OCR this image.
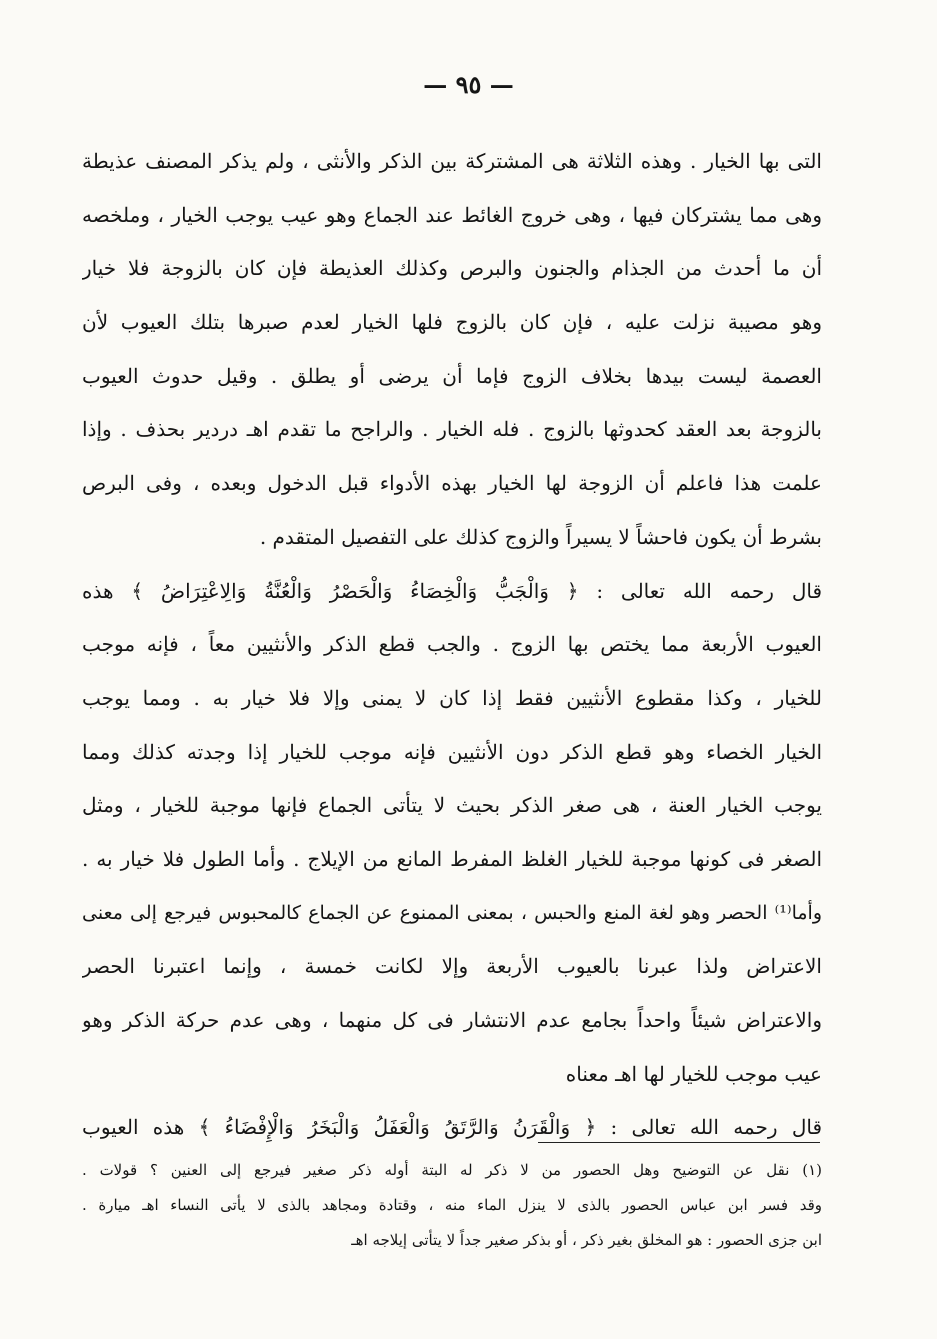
— ٩٥ —
التى بها الخيار . وهذه الثلاثة هى المشتركة بين الذكر والأنثى ، ولم يذكر المصنف عذيطة
وهى مما يشتركان فيها ، وهى خروج الغائط عند الجماع وهو عيب يوجب الخيار ، وملخصه
أن ما أحدث من الجذام والجنون والبرص وكذلك العذيطة فإن كان بالزوجة فلا خيار
وهو مصيبة نزلت عليه ، فإن كان بالزوج فلها الخيار لعدم صبرها بتلك العيوب لأن
العصمة ليست بيدها بخلاف الزوج فإما أن يرضى أو يطلق . وقيل حدوث العيوب
بالزوجة بعد العقد كحدوثها بالزوج . فله الخيار . والراجح ما تقدم اهـ دردير بحذف . وإذا
علمت هذا فاعلم أن الزوجة لها الخيار بهذه الأدواء قبل الدخول وبعده ، وفى البرص
بشرط أن يكون فاحشاً لا يسيراً والزوج كذلك على التفصيل المتقدم .
قال رحمه الله تعالى : ﴿ وَالْجَبُّ وَالْخِصَاءُ وَالْحَصْرُ وَالْعُنَّةُ وَالِاعْتِرَاضُ ﴾ هذه
العيوب الأربعة مما يختص بها الزوج . والجب قطع الذكر والأنثيين معاً ، فإنه موجب
للخيار ، وكذا مقطوع الأنثيين فقط إذا كان لا يمنى وإلا فلا خيار به . ومما يوجب
الخيار الخصاء وهو قطع الذكر دون الأنثيين فإنه موجب للخيار إذا وجدته كذلك ومما
يوجب الخيار العنة ، هى صغر الذكر بحيث لا يتأتى الجماع فإنها موجبة للخيار ، ومثل
الصغر فى كونها موجبة للخيار الغلظ المفرط المانع من الإيلاج . وأما الطول فلا خيار به .
وأما⁽¹⁾ الحصر وهو لغة المنع والحبس ، بمعنى الممنوع عن الجماع كالمحبوس فيرجع إلى معنى
الاعتراض ولذا عبرنا بالعيوب الأربعة وإلا لكانت خمسة ، وإنما اعتبرنا الحصر
والاعتراض شيئاً واحداً بجامع عدم الانتشار فى كل منهما ، وهى عدم حركة الذكر وهو
عيب موجب للخيار لها اهـ معناه
قال رحمه الله تعالى : ﴿ وَالْقَرَنُ وَالرَّتَقُ وَالْعَفَلُ وَالْبَخَرُ وَالْإِفْضَاءُ ﴾ هذه العيوب
(١) نقل عن التوضيح وهل الحصور من لا ذكر له البتة أوله ذكر صغير فيرجع إلى العنين ؟ قولات .
وقد فسر ابن عباس الحصور بالذى لا ينزل الماء منه ، وقتادة ومجاهد بالذى لا يأتى النساء اهـ ميارة .
ابن جزى الحصور : هو المخلق بغير ذكر ، أو بذكر صغير جداً لا يتأتى إيلاجه اهـ
